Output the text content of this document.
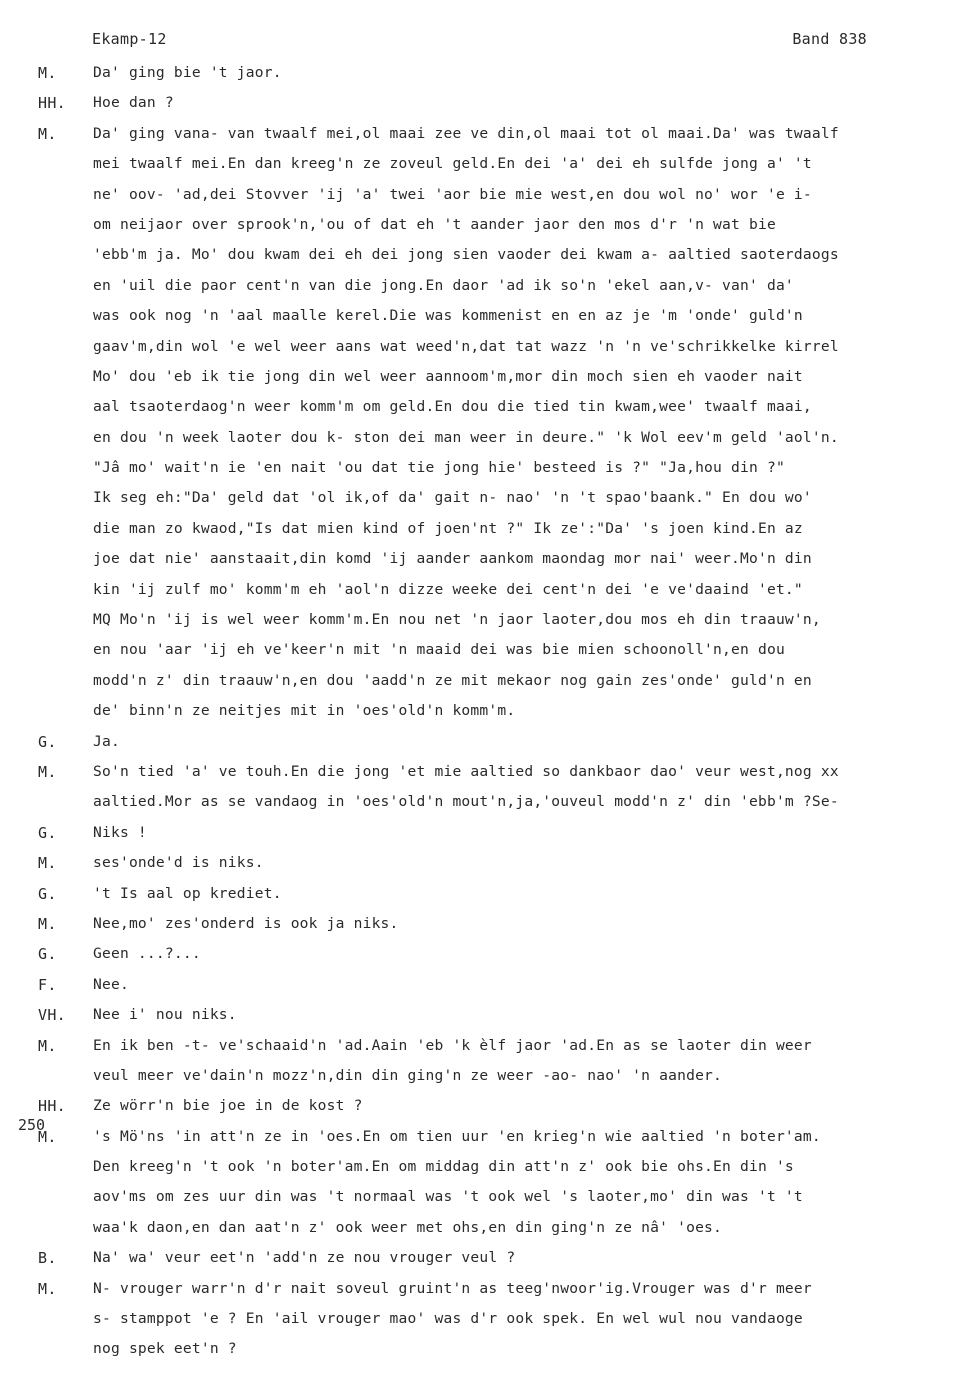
Ekamp-12	Band 838
250
M. Da' ging bie 't jaor.
HH. Hoe dan ?
M. Da' ging vana- van twaalf mei,ol maai zee ve din,ol maai tot ol maai.Da' was twaalf
mei twaalf mei.En dan kreeg'n ze zoveul geld.En dei 'a' dei eh sulfde jong a' 't
ne' oov- 'ad,dei Stovver 'ij 'a' twei 'aor bie mie west,en dou wol no' wor 'e i-
om neijaor over sprook'n,'ou of dat eh 't aander jaor den mos d'r 'n wat bie
'ebb'm ja. Mo' dou kwam dei eh dei jong sien vaoder dei kwam a- aaltied saoterdaogs
en 'uil die paor cent'n van die jong.En daor 'ad ik so'n 'ekel aan,v- van' da'
was ook nog 'n 'aal maalle kerel.Die was kommenist en en az je 'm 'onde' guld'n
gaav'm,din wol 'e wel weer aans wat weed'n,dat tat wazz 'n 'n ve'schrikkelke kirrel
Mo' dou 'eb ik tie jong din wel weer aannoom'm,mor din moch sien eh vaoder nait
aal tsaoterdaog'n weer komm'm om geld.En dou die tied tin kwam,wee' twaalf maai,
en dou 'n week laoter dou k- ston dei man weer in deure." 'k Wol eev'm geld 'aol'n.
"Jâ mo' wait'n ie 'en nait 'ou dat tie jong hie' besteed is ?" "Ja,hou din ?"
Ik seg eh:"Da' geld dat 'ol ik,of da' gait n- nao' 'n 't spao'baank." En dou wo'
die man zo kwaod,"Is dat mien kind of joen'nt ?" Ik ze':"Da' 's joen kind.En az
joe dat nie' aanstaait,din komd 'ij aander aankom maondag mor nai' weer.Mo'n din
kin 'ij zulf mo' komm'm eh 'aol'n dizze weeke dei cent'n dei 'e ve'daaind 'et."
MQ Mo'n 'ij is wel weer komm'm.En nou net 'n jaor laoter,dou mos eh din traauw'n,
en nou 'aar 'ij eh ve'keer'n mit 'n maaid dei was bie mien schoonoll'n,en dou
modd'n z' din traauw'n,en dou 'aadd'n ze mit mekaor nog gain zes'onde' guld'n en
de' binn'n ze neitjes mit in 'oes'old'n komm'm.
G. Ja.
M. So'n tied 'a' ve touh.En die jong 'et mie aaltied so dankbaor dao' veur west,nog xx
aaltied.Mor as se vandaog in 'oes'old'n mout'n,ja,'ouveul modd'n z' din 'ebb'm ?Se-
G. Niks !
M. ses'onde'd is niks.
G. 't Is aal op krediet.
M. Nee,mo' zes'onderd is ook ja niks.
G. Geen ...?...
F. Nee.
VH. Nee i' nou niks.
M. En ik ben -t- ve'schaaid'n 'ad.Aain 'eb 'k èlf jaor 'ad.En as se laoter din weer
veul meer ve'dain'n mozz'n,din din ging'n ze weer -ao- nao' 'n aander.
HH. Ze wörr'n bie joe in de kost ?
M. 's Mö'ns 'in att'n ze in 'oes.En om tien uur 'en krieg'n wie aaltied 'n boter'am.
Den kreeg'n 't ook 'n boter'am.En om middag din att'n z' ook bie ohs.En din 's
aov'ms om zes uur din was 't normaal was 't ook wel 's laoter,mo' din was 't 't
waa'k daon,en dan aat'n z' ook weer met ohs,en din ging'n ze nâ' 'oes.
B. Na' wa' veur eet'n 'add'n ze nou vrouger veul ?
M. N- vrouger warr'n d'r nait soveul gruint'n as teeg'nwoor'ig.Vrouger was d'r meer
s- stamppot 'e ? En 'ail vrouger mao' was d'r ook spek. En wel wul nou vandaoge
nog spek eet'n ?
